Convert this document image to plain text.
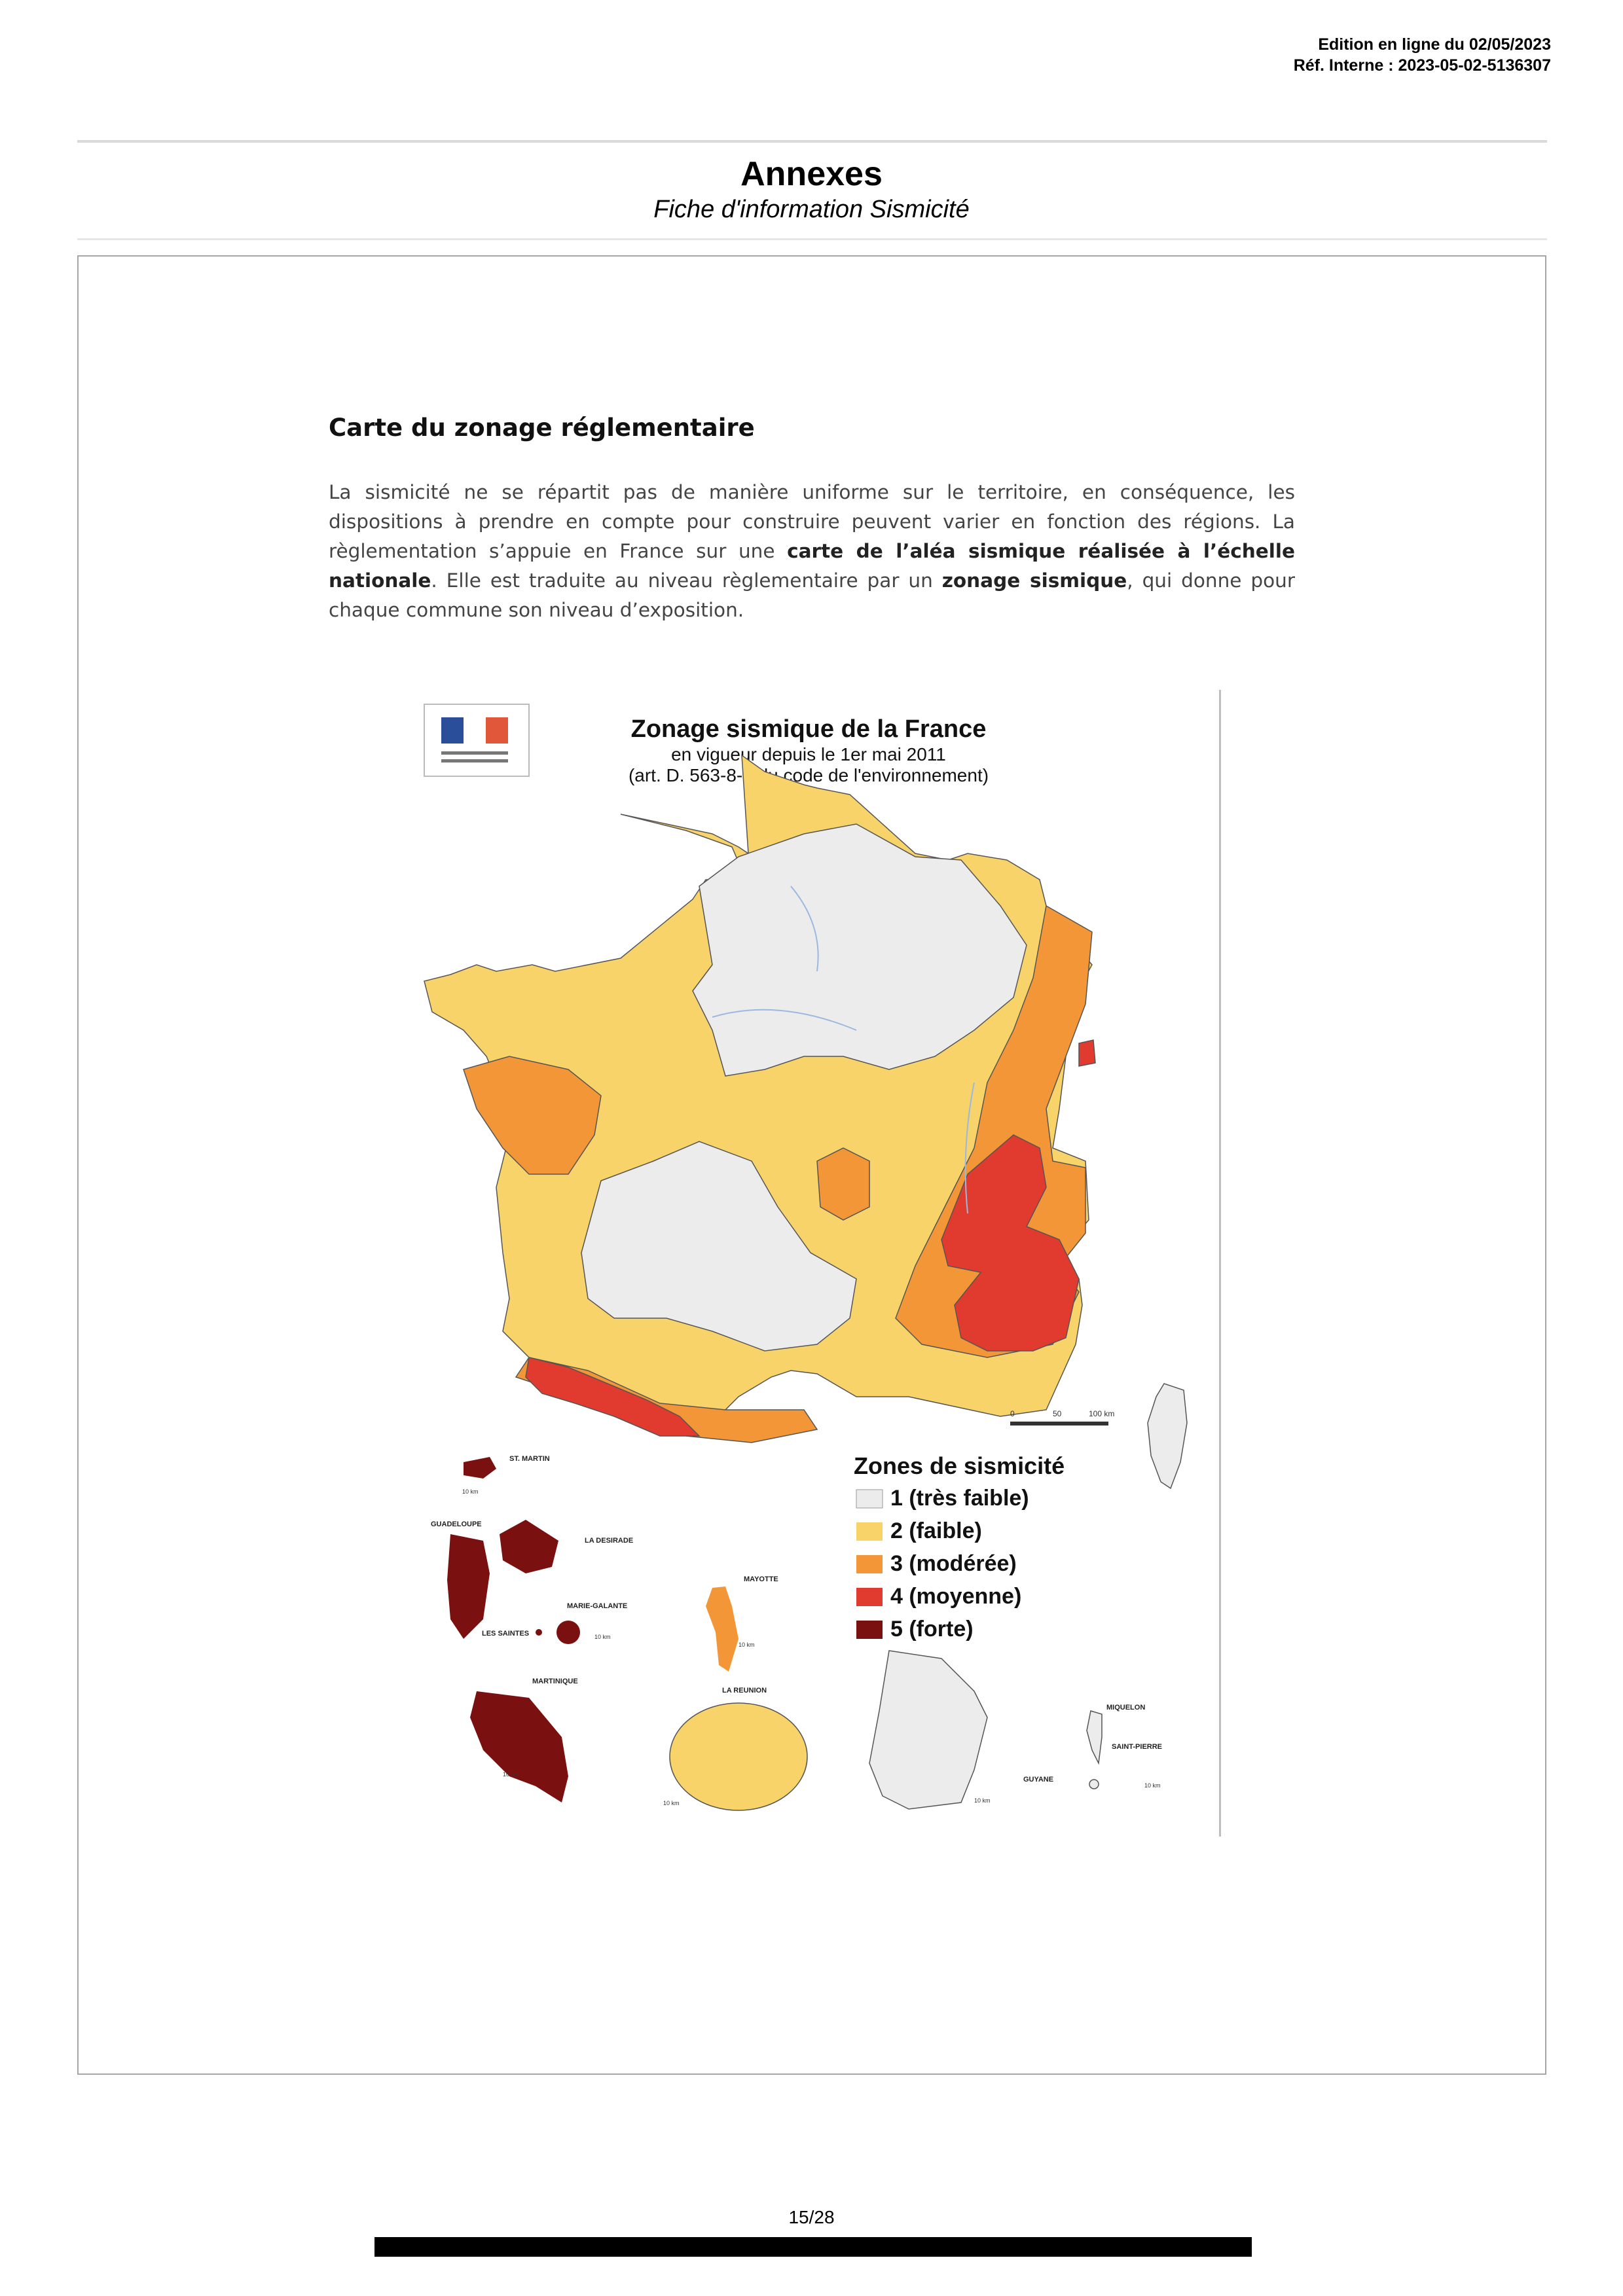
Edition en ligne du 02/05/2023
Réf. Interne : 2023-05-02-5136307
Annexes
Fiche d'information Sismicité
Carte du zonage réglementaire

La sismicité ne se répartit pas de manière uniforme sur le territoire, en conséquence, les dispositions à prendre en compte pour construire peuvent varier en fonction des régions. La règlementation s’appuie en France sur une carte de l’aléa sismique réalisée à l’échelle nationale. Elle est traduite au niveau règlementaire par un zonage sismique, qui donne pour chaque commune son niveau d’exposition.

Zonage sismique de la France
en vigueur depuis le 1er mai 2011
(art. D. 563-8-1 du code de l'environnement)
0	50	100 km
Zones de sismicité
1 (très faible)
2 (faible)
3 (modérée)
4 (moyenne)
5 (forte)
ST. MARTIN
10 km
GUADELOUPE
LA DESIRADE
MARIE-GALANTE
LES SAINTES	10 km
MARTINIQUE
10 km
MAYOTTE
10 km
LA REUNION
10 km
GUYANE
10 km
MIQUELON
SAINT-PIERRE
10 km
15/28
